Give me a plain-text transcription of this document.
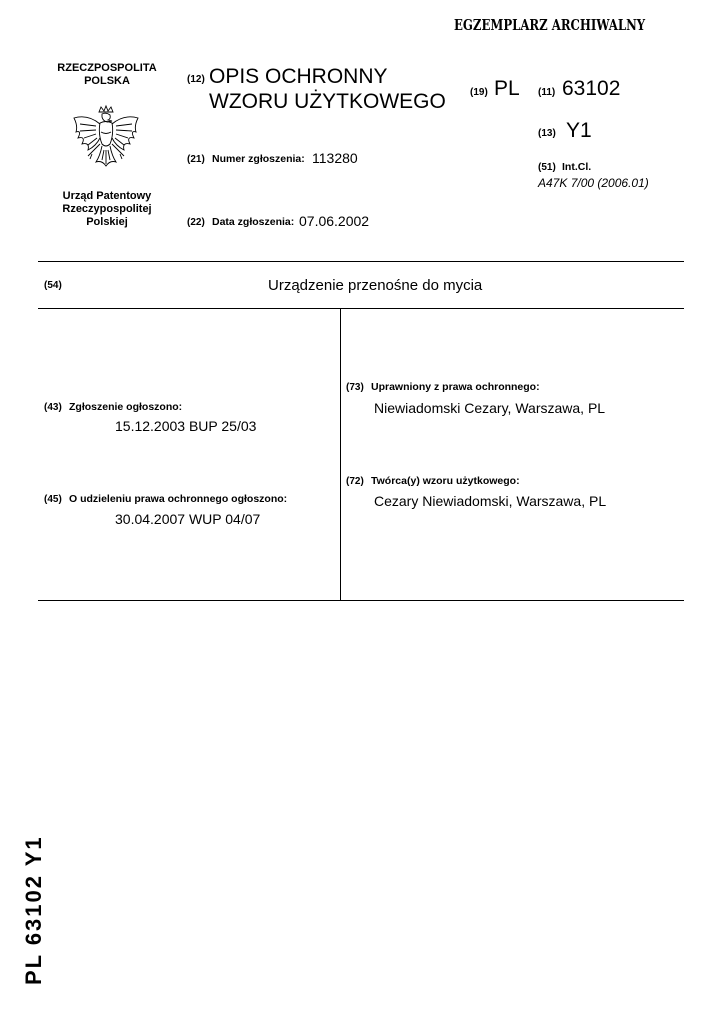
EGZEMPLARZ ARCHIWALNY
RZECZPOSPOLITA
POLSKA
Urząd Patentowy
Rzeczypospolitej
Polskiej
(12) OPIS OCHRONNY
WZORU UŻYTKOWEGO (19) PL (11) 63102
(13) Y1
(51) Int.Cl.
A47K 7/00 (2006.01)
(21) Numer zgłoszenia: 113280
(22) Data zgłoszenia: 07.06.2002
(54)	Urządzenie przenośne do mycia
(43) Zgłoszenie ogłoszono:
15.12.2003 BUP 25/03
(45) O udzieleniu prawa ochronnego ogłoszono:
30.04.2007 WUP 04/07
(73) Uprawniony z prawa ochronnego:
Niewiadomski Cezary, Warszawa, PL
(72) Twórca(y) wzoru użytkowego:
Cezary Niewiadomski, Warszawa, PL
PL 63102 Y1
